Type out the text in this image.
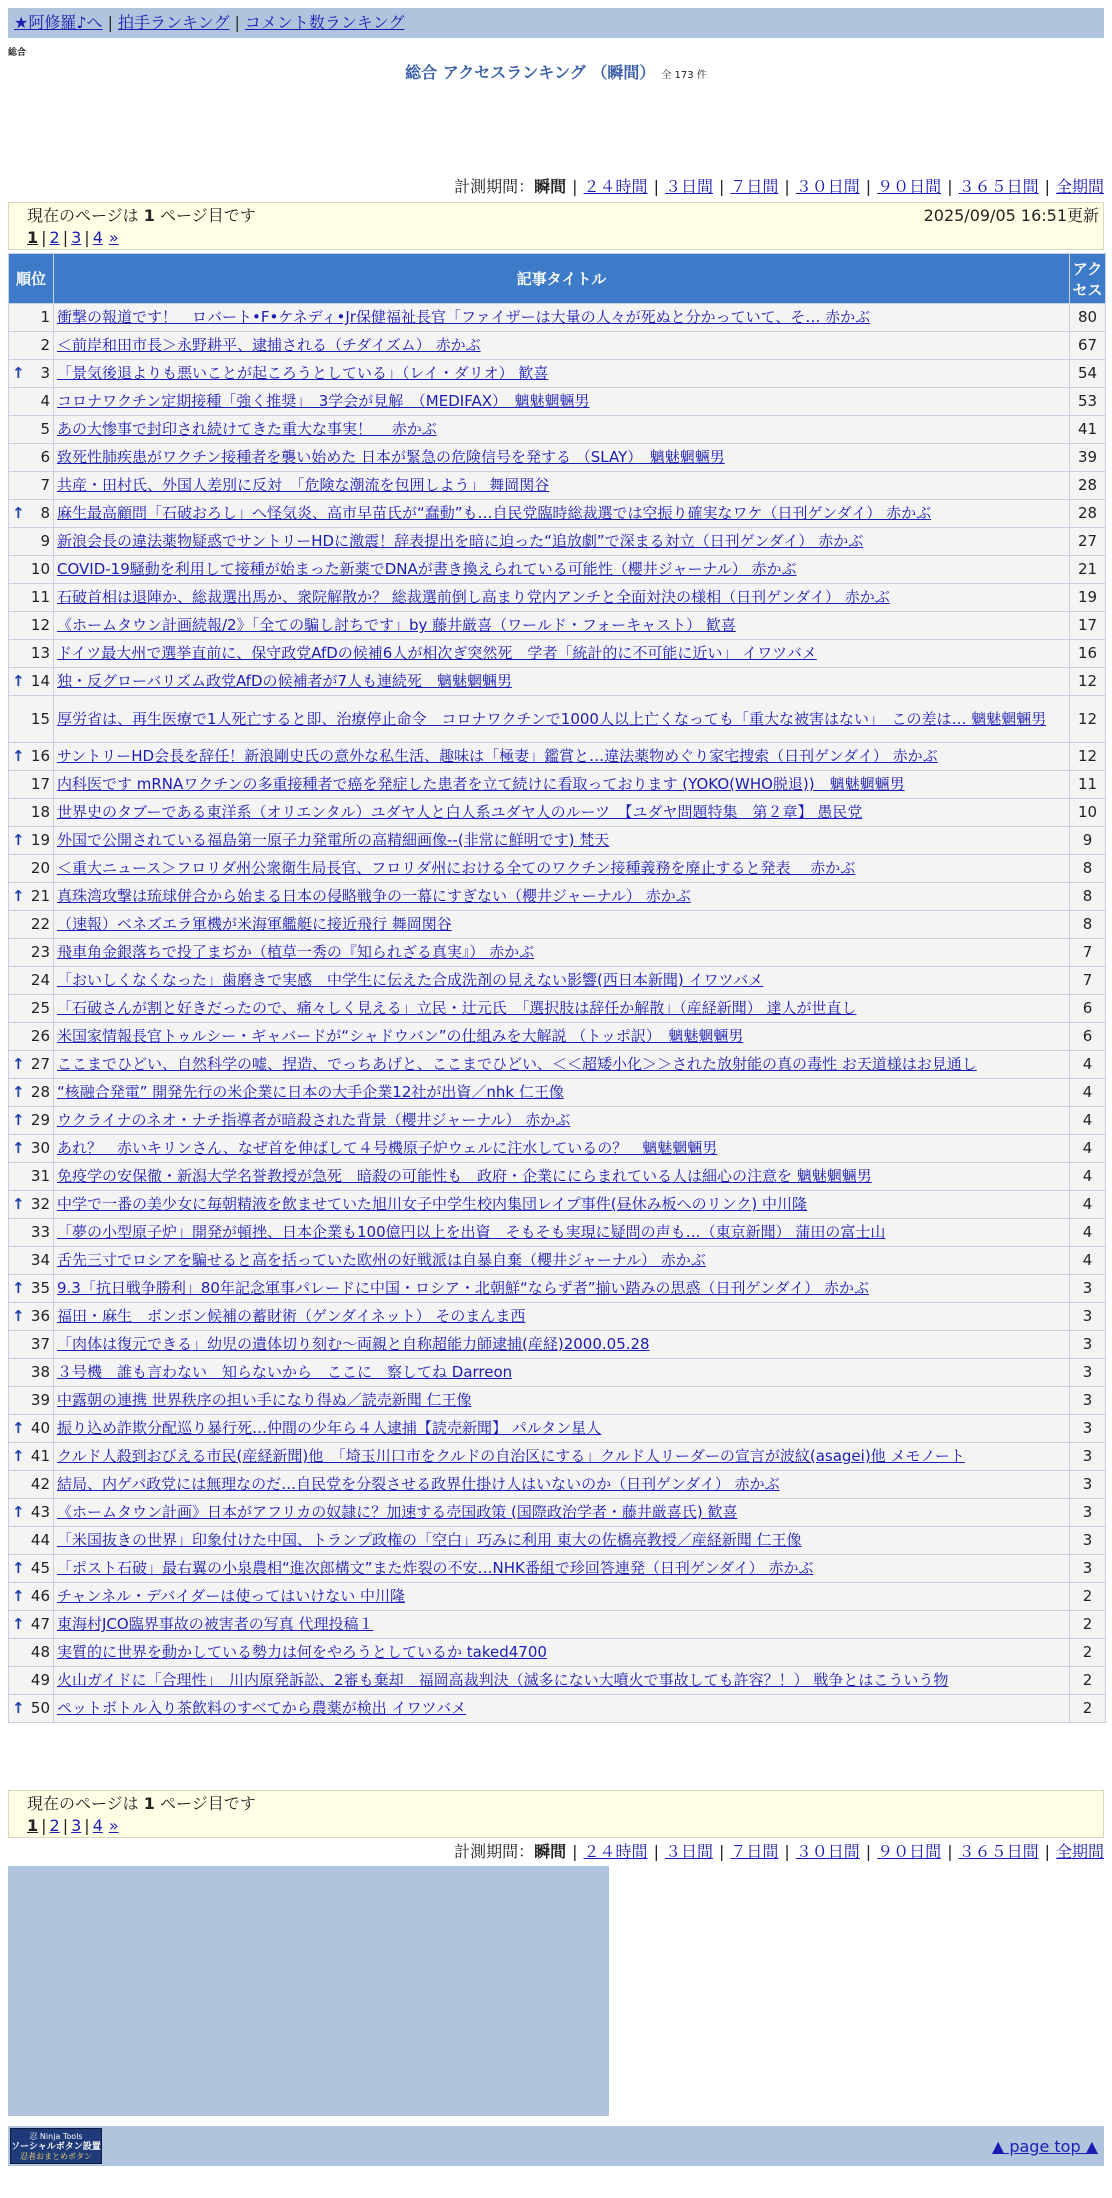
★阿修羅♪へ | 拍手ランキング | コメント数ランキング
総合
総合 アクセスランキング （瞬間） 全 173 件
計測期間：瞬間 | ２４時間 | ３日間 | ７日間 | ３０日間 | ９０日間 | ３６５日間 | 全期間
現在のページは 1 ページ目です	2025/09/05 16:51更新
1 | 2 | 3 | 4 »
順位	記事タイトル	アクセス
1	衝撃の報道です！　ロバート•F•ケネディ•Jr保健福祉長官「ファイザーは大量の人々が死ぬと分かっていて、そ… 赤かぶ	80
2	＜前岸和田市長＞永野耕平、逮捕される（チダイズム） 赤かぶ	67

↑ 3	「景気後退よりも悪いことが起ころうとしている」（レイ・ダリオ） 歓喜	54
4	コロナワクチン定期接種「強く推奨」　3学会が見解　（MEDIFAX）　魑魅魍魎男	53
5	あの大惨事で封印され続けてきた重大な事実！　 赤かぶ	41
6	致死性肺疾患がワクチン接種者を襲い始めた 日本が緊急の危険信号を発する （SLAY）　魑魅魍魎男	39
7	共産・田村氏、外国人差別に反対　「危険な潮流を包囲しよう」 舞岡関谷	28

↑ 8	麻生最高顧問「石破おろし」へ怪気炎、高市早苗氏が“蠢動”も…自民党臨時総裁選では空振り確実なワケ（日刊ゲンダイ） 赤かぶ	28
9	新浪会長の違法薬物疑惑でサントリーHDに激震！辞表提出を暗に迫った“追放劇”で深まる対立（日刊ゲンダイ） 赤かぶ	27
10	COVID-19騒動を利用して接種が始まった新薬でDNAが書き換えられている可能性（櫻井ジャーナル） 赤かぶ	21
11	石破首相は退陣か、総裁選出馬か、衆院解散か？ 総裁選前倒し高まり党内アンチと全面対決の様相（日刊ゲンダイ） 赤かぶ	19
12	《ホームタウン計画続報/2》「全ての騙し討ちです」by 藤井厳喜（ワールド・フォーキャスト） 歓喜	17
13	ドイツ最大州で選挙直前に、保守政党AfDの候補6人が相次ぎ突然死　学者「統計的に不可能に近い」 イワツバメ	16

↑ 14	独・反グローバリズム政党AfDの候補者が7人も連続死　魑魅魍魎男	12
15	厚労省は、再生医療で1人死亡すると即、治療停止命令　コロナワクチンで1000人以上亡くなっても「重大な被害はない」　この差は… 魑魅魍魎男	12

↑ 16	サントリーHD会長を辞任！新浪剛史氏の意外な私生活、趣味は「極妻」鑑賞と…違法薬物めぐり家宅捜索（日刊ゲンダイ） 赤かぶ	12
17	内科医です mRNAワクチンの多重接種者で癌を発症した患者を立て続けに看取っております (YOKO(WHO脱退))　魑魅魍魎男	11
18	世界史のタブーである東洋系（オリエンタル）ユダヤ人と白人系ユダヤ人のルーツ　【ユダヤ問題特集　第２章】 愚民党	10

↑ 19	外国で公開されている福島第一原子力発電所の高精細画像--(非常に鮮明です) 梵天	9
20	＜重大ニュース＞フロリダ州公衆衛生局長官、フロリダ州における全てのワクチン接種義務を廃止すると発表　 赤かぶ	8

↑ 21	真珠湾攻撃は琉球併合から始まる日本の侵略戦争の一幕にすぎない（櫻井ジャーナル） 赤かぶ	8
22	（速報）ベネズエラ軍機が米海軍艦艇に接近飛行 舞岡関谷	8
23	飛車角金銀落ちで投了まぢか（植草一秀の『知られざる真実』） 赤かぶ	7
24	「おいしくなくなった」歯磨きで実感　中学生に伝えた合成洗剤の見えない影響(西日本新聞) イワツバメ	7
25	「石破さんが割と好きだったので、痛々しく見える」立民・辻元氏　「選択肢は辞任か解散」（産経新聞） 達人が世直し	6
26	米国家情報長官トゥルシー・ギャバードが“シャドウバン”の仕組みを大解説 （トッポ訳）　魑魅魍魎男	6

↑ 27	ここまでひどい、自然科学の嘘、捏造、でっちあげと、ここまでひどい、＜＜超矮小化＞＞された放射能の真の毒性 お天道様はお見通し	4

↑ 28	“核融合発電” 開発先行の米企業に日本の大手企業12社が出資／nhk 仁王像	4

↑ 29	ウクライナのネオ・ナチ指導者が暗殺された背景（櫻井ジャーナル） 赤かぶ	4

↑ 30	あれ？　赤いキリンさん、なぜ首を伸ばして４号機原子炉ウェルに注水しているの？　魑魅魍魎男	4
31	免疫学の安保徹・新潟大学名誉教授が急死　暗殺の可能性も　政府・企業ににらまれている人は細心の注意を 魑魅魍魎男	4

↑ 32	中学で一番の美少女に毎朝精液を飲ませていた旭川女子中学生校内集団レイプ事件(昼休み板へのリンク) 中川隆	4
33	「夢の小型原子炉」開発が頓挫、日本企業も100億円以上を出資　そもそも実現に疑問の声も…（東京新聞） 蒲田の富士山	4
34	舌先三寸でロシアを騙せると高を括っていた欧州の好戦派は自暴自棄（櫻井ジャーナル） 赤かぶ	4

↑ 35	9.3「抗日戦争勝利」80年記念軍事パレードに中国・ロシア・北朝鮮“ならず者”揃い踏みの思惑（日刊ゲンダイ） 赤かぶ	3

↑ 36	福田・麻生　ボンボン候補の蓄財術（ゲンダイネット） そのまんま西	3
37	「肉体は復元できる」幼児の遺体切り刻む～両親と自称超能力師逮捕(産経)2000.05.28	3
38	３号機　誰も言わない　知らないから　ここに　察してね Darreon	3
39	中露朝の連携 世界秩序の担い手になり得ぬ／読売新聞 仁王像	3

↑ 40	振り込め詐欺分配巡り暴行死…仲間の少年ら４人逮捕【読売新聞】 パルタン星人	3

↑ 41	クルド人殺到おびえる市民(産経新聞)他　「埼玉川口市をクルドの自治区にする」クルド人リーダーの宣言が波紋(asagei)他 メモノート	3
42	結局、内ゲバ政党には無理なのだ…自民党を分裂させる政界仕掛け人はいないのか（日刊ゲンダイ） 赤かぶ	3

↑ 43	《ホームタウン計画》日本がアフリカの奴隷に？加速する売国政策 (国際政治学者・藤井厳喜氏) 歓喜	3
44	「米国抜きの世界」印象付けた中国、トランプ政権の「空白」巧みに利用 東大の佐橋亮教授／産経新聞 仁王像	3

↑ 45	「ポスト石破」最右翼の小泉農相“進次郎構文”また炸裂の不安…NHK番組で珍回答連発（日刊ゲンダイ） 赤かぶ	3

↑ 46	チャンネル・デバイダーは使ってはいけない 中川隆	2

↑ 47	東海村JCO臨界事故の被害者の写真 代理投稿１	2
48	実質的に世界を動かしている勢力は何をやろうとしているか taked4700	2
49	火山ガイドに「合理性」　川内原発訴訟、2審も棄却　福岡高裁判決（滅多にない大噴火で事故しても許容？！） 戦争とはこういう物	2

↑ 50	ペットボトル入り茶飲料のすべてから農薬が検出 イワツバメ	2
現在のページは 1 ページ目です
1 | 2 | 3 | 4 »
計測期間：瞬間 | ２４時間 | ３日間 | ７日間 | ３０日間 | ９０日間 | ３６５日間 | 全期間
忍 Ninja Tools
ソーシャルボタン設置
忍者おまとめボタン
▲ page top ▲
